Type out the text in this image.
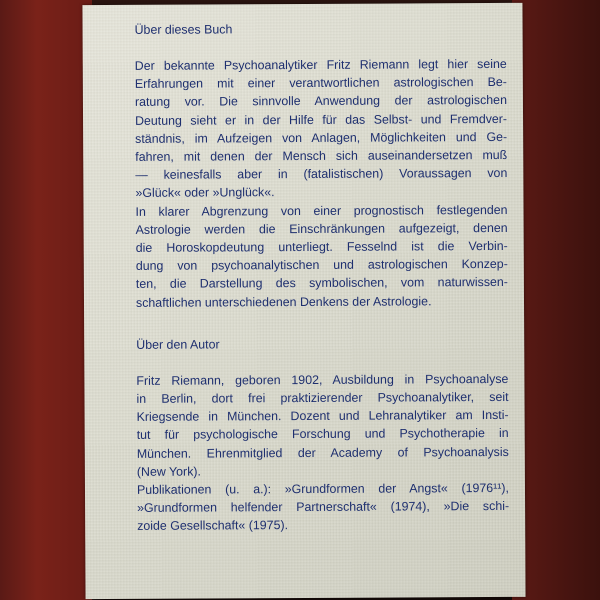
Über dieses Buch
Der bekannte Psychoanalytiker Fritz Riemann legt hier seine
Erfahrungen mit einer verantwortlichen astrologischen Be-
ratung vor. Die sinnvolle Anwendung der astrologischen
Deutung sieht er in der Hilfe für das Selbst- und Fremdver-
ständnis, im Aufzeigen von Anlagen, Möglichkeiten und Ge-
fahren, mit denen der Mensch sich auseinandersetzen muß
— keinesfalls aber in (fatalistischen) Voraussagen von
»Glück« oder »Unglück«.
In klarer Abgrenzung von einer prognostisch festlegenden
Astrologie werden die Einschränkungen aufgezeigt, denen
die Horoskopdeutung unterliegt. Fesselnd ist die Verbin-
dung von psychoanalytischen und astrologischen Konzep-
ten, die Darstellung des symbolischen, vom naturwissen-
schaftlichen unterschiedenen Denkens der Astrologie.
Über den Autor
Fritz Riemann, geboren 1902, Ausbildung in Psychoanalyse
in Berlin, dort frei praktizierender Psychoanalytiker, seit
Kriegsende in München. Dozent und Lehranalytiker am Insti-
tut für psychologische Forschung und Psychotherapie in
München. Ehrenmitglied der Academy of Psychoanalysis
(New York).
Publikationen (u. a.): »Grundformen der Angst« (1976¹¹),
»Grundformen helfender Partnerschaft« (1974), »Die schi-
zoide Gesellschaft« (1975).
